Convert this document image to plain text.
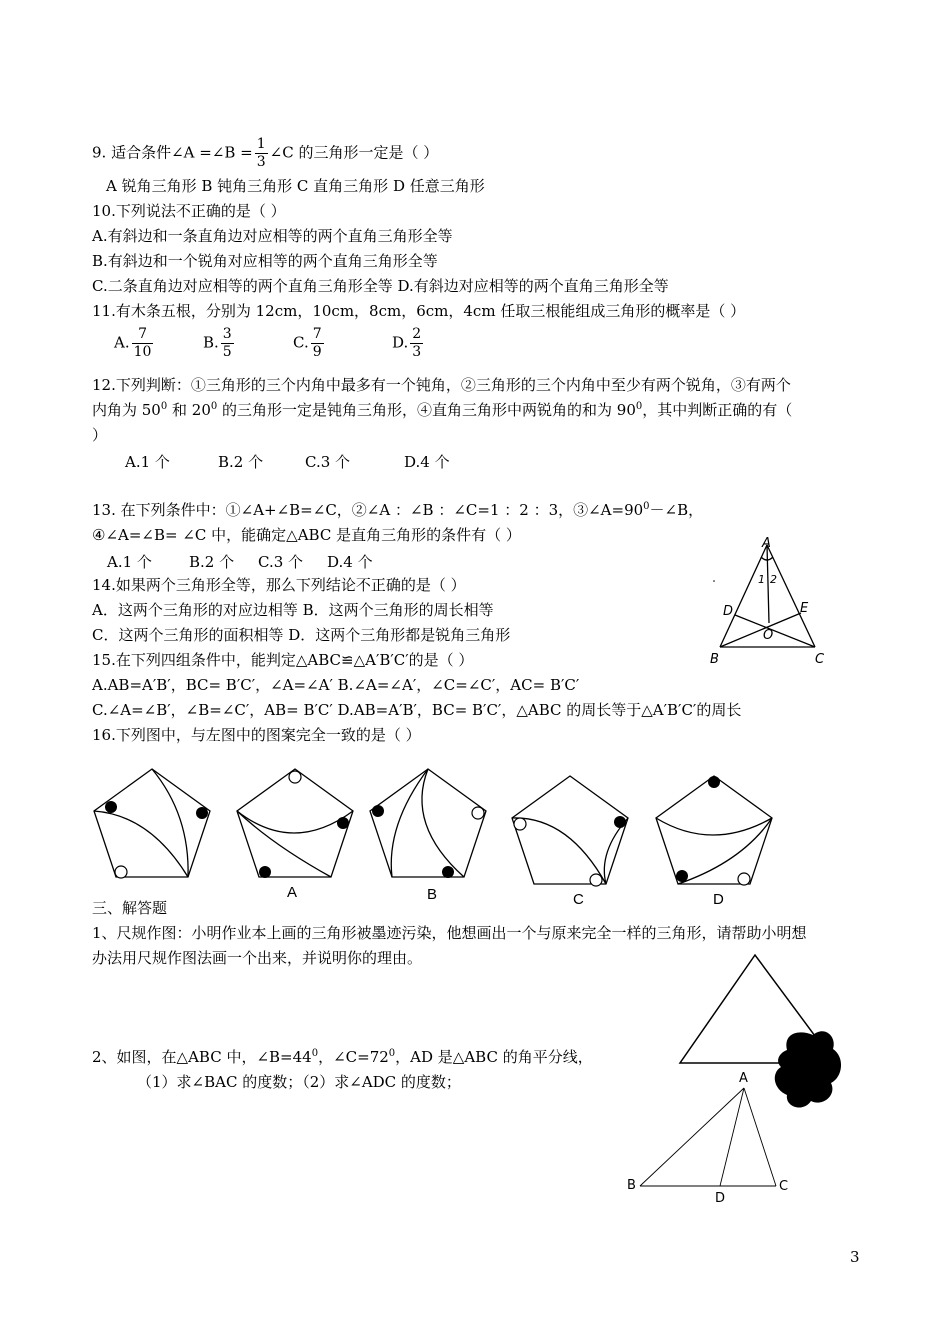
9. 适合条件∠A =∠B = $\frac{1}{3}$ ∠C 的三角形一定是（ ）
A 锐角三角形 B 钝角三角形 C 直角三角形 D 任意三角形
10.下列说法不正确的是（ ）
A.有斜边和一条直角边对应相等的两个直角三角形全等
B.有斜边和一个锐角对应相等的两个直角三角形全等
C.二条直角边对应相等的两个直角三角形全等 D.有斜边对应相等的两个直角三角形全等
11.有木条五根，分别为 12cm，10cm，8cm，6cm，4cm 任取三根能组成三角形的概率是（ ）
A. $\frac{7}{10}$	B. $\frac{3}{5}$	C. $\frac{7}{9}$	D. $\frac{2}{3}$
12.下列判断：①三角形的三个内角中最多有一个钝角，②三角形的三个内角中至少有两个锐角，③有两个
内角为 $50^0$ 和 $20^0$ 的三角形一定是钝角三角形，④直角三角形中两锐角的和为 $90^0$，其中判断正确的有（
）
A.1 个	B.2 个	C.3 个	D.4 个
13. 在下列条件中：①∠A+∠B=∠C，②∠A ：∠B ：∠C=1 ：2 ：3，$③\angle A=90^0-\angle B$，
④∠A=∠B= ∠C 中，能确定△ABC 是直角三角形的条件有（ ）
A.1 个 B.2 个 C.3 个 D.4 个
14.如果两个三角形全等，那么下列结论不正确的是（ ）
A．这两个三角形的对应边相等 B．这两个三角形的周长相等
C．这两个三角形的面积相等 D．这两个三角形都是锐角三角形
15.在下列四组条件中，能判定△ABC≌△A′B′C′的是（ ）
A.AB=A′B′，BC= B′C′，∠A=∠A′ B.∠A=∠A′，∠C=∠C′，AC= B′C′
C.∠A=∠B′，∠B=∠C′，AB= B′C′ D.AB=A′B′，BC= B′C′，△ABC 的周长等于△A′B′C′的周长
16.下列图中，与左图中的图案完全一致的是（ ）
A
1 2
D	E
O
B	C
A	B	C	D
三、解答题
1、尺规作图：小明作业本上画的三角形被墨迹污染，他想画出一个与原来完全一样的三角形，请帮助小明想
办法用尺规作图法画一个出来，并说明你的理由。
2、如图，在△ABC 中，$\angle B=44^0$，$\angle C=72^0$，AD 是△ABC 的角平分线，
（1）求∠BAC 的度数；（2）求∠ADC 的度数；	A
B
D
C
3
